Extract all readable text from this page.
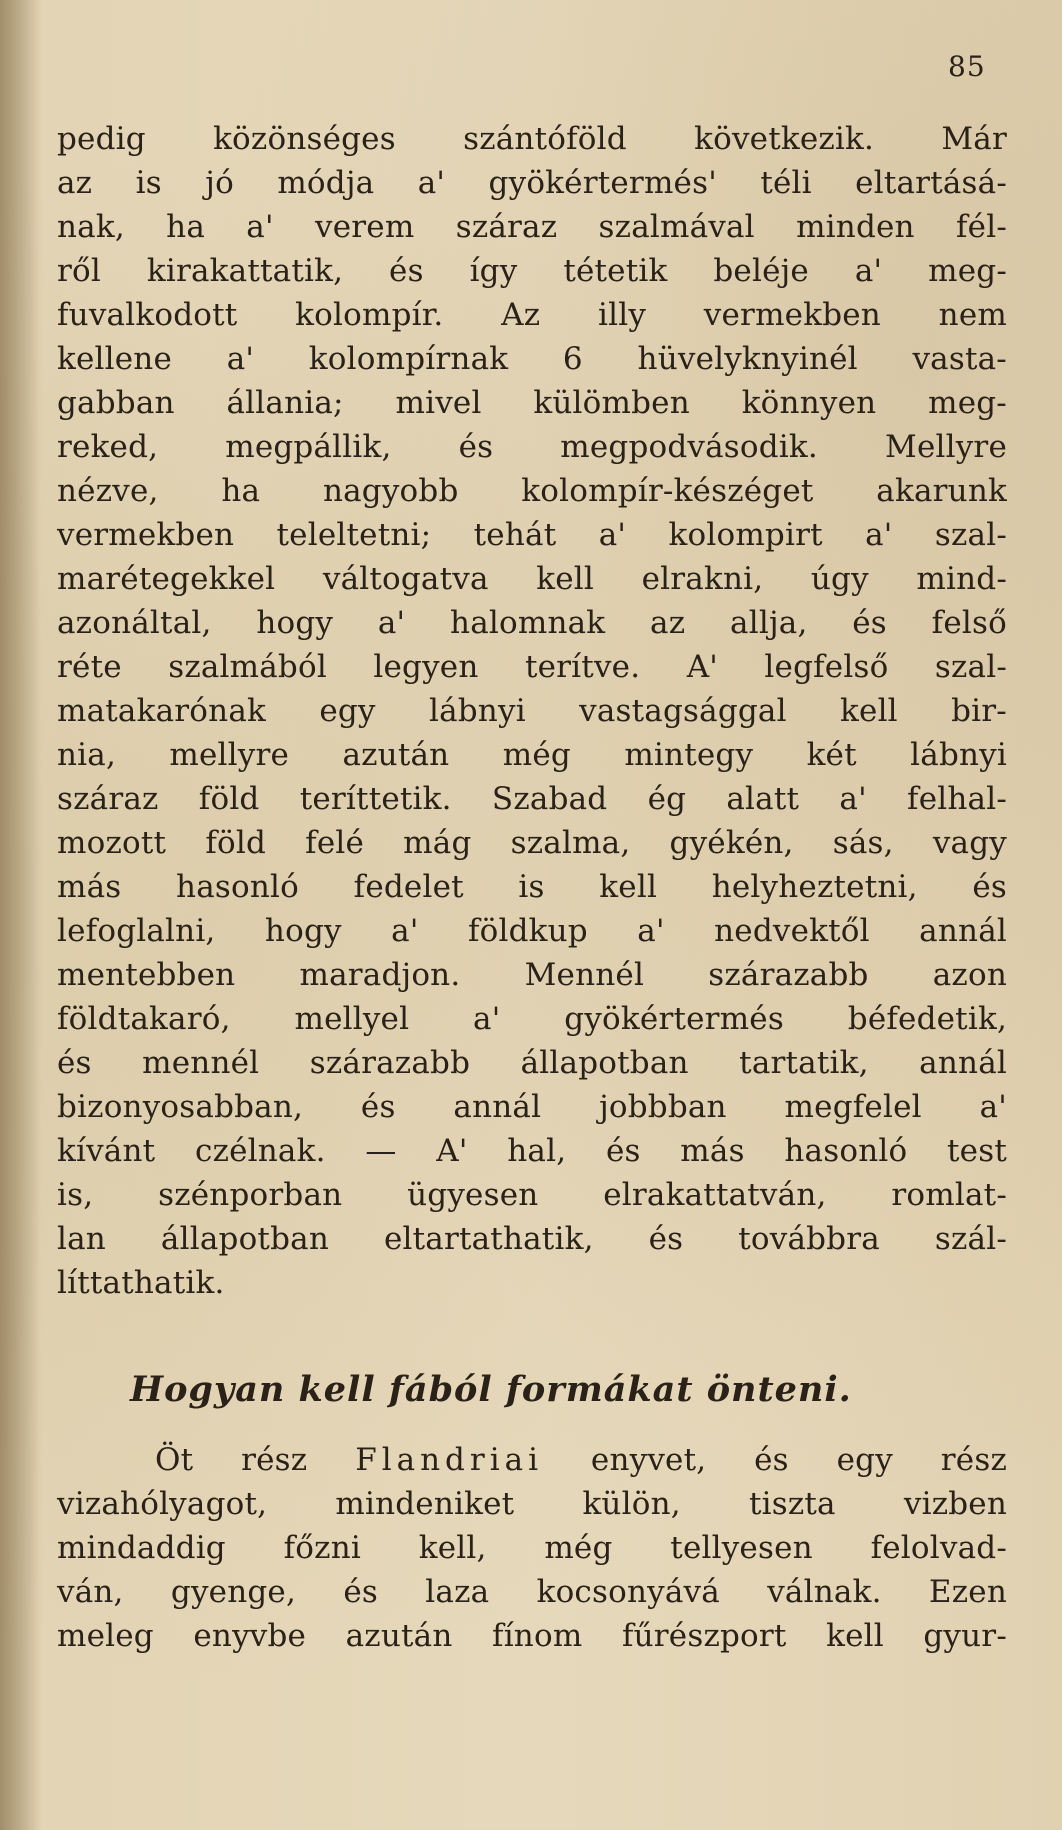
85
pedig közönséges szántóföld következik. Már
az is jó módja a' gyökértermés' téli eltartásá-
nak, ha a' verem száraz szalmával minden fél-
ről kirakattatik, és így tétetik beléje a' meg-
fuvalkodott kolompír. Az illy vermekben nem
kellene a' kolompírnak 6 hüvelyknyinél vasta-
gabban állania; mivel külömben könnyen meg-
reked, megpállik, és megpodvásodik. Mellyre
nézve, ha nagyobb kolompír-készéget akarunk
vermekben teleltetni; tehát a' kolompirt a' szal-
marétegekkel váltogatva kell elrakni, úgy mind-
azonáltal, hogy a' halomnak az allja, és felső
réte szalmából legyen terítve. A' legfelső szal-
matakarónak egy lábnyi vastagsággal kell bir-
nia, mellyre azután még mintegy két lábnyi
száraz föld teríttetik. Szabad ég alatt a' felhal-
mozott föld felé mág szalma, gyékén, sás, vagy
más hasonló fedelet is kell helyheztetni, és
lefoglalni, hogy a' földkup a' nedvektől annál
mentebben maradjon. Mennél szárazabb azon
földtakaró, mellyel a' gyökértermés béfedetik,
és mennél szárazabb állapotban tartatik, annál
bizonyosabban, és annál jobbban megfelel a'
kívánt czélnak. — A' hal, és más hasonló test
is, szénporban ügyesen elrakattatván, romlat-
lan állapotban eltartathatik, és továbbra szál-
líttathatik.
Hogyan kell fából formákat önteni.
Öt rész Flandriai enyvet, és egy rész
vizahólyagot, mindeniket külön, tiszta vizben
mindaddig főzni kell, még tellyesen felolvad-
ván, gyenge, és laza kocsonyává válnak. Ezen
meleg enyvbe azután fínom fűrészport kell gyur-
